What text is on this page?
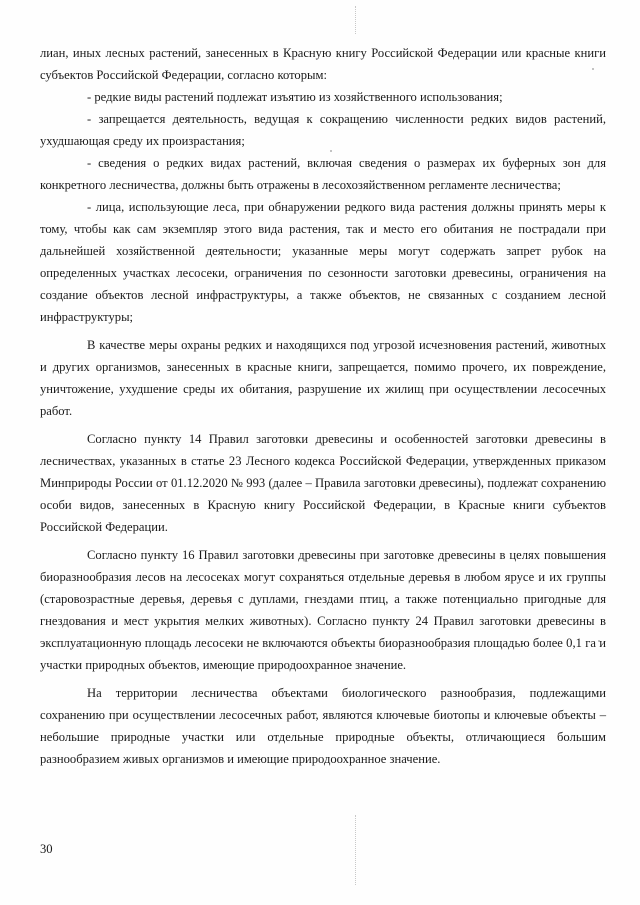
лиан, иных лесных растений, занесенных в Красную книгу Российской Федерации или красные книги субъектов Российской Федерации, согласно которым:

- редкие виды растений подлежат изъятию из хозяйственного использования;

- запрещается деятельность, ведущая к сокращению численности редких видов растений, ухудшающая среду их произрастания;

- сведения о редких видах растений, включая сведения о размерах их буферных зон для конкретного лесничества, должны быть отражены в лесохозяйственном регламенте лесничества;

- лица, использующие леса, при обнаружении редкого вида растения должны принять меры к тому, чтобы как сам экземпляр этого вида растения, так и место его обитания не пострадали при дальнейшей хозяйственной деятельности; указанные меры могут содержать запрет рубок на определенных участках лесосеки, ограничения по сезонности заготовки древесины, ограничения на создание объектов лесной инфраструктуры, а также объектов, не связанных с созданием лесной инфраструктуры;

В качестве меры охраны редких и находящихся под угрозой исчезновения растений, животных и других организмов, занесенных в красные книги, запрещается, помимо прочего, их повреждение, уничтожение, ухудшение среды их обитания, разрушение их жилищ при осуществлении лесосечных работ.

Согласно пункту 14 Правил заготовки древесины и особенностей заготовки древесины в лесничествах, указанных в статье 23 Лесного кодекса Российской Федерации, утвержденных приказом Минприроды России от 01.12.2020 № 993 (далее – Правила заготовки древесины), подлежат сохранению особи видов, занесенных в Красную книгу Российской Федерации, в Красные книги субъектов Российской Федерации.

Согласно пункту 16 Правил заготовки древесины при заготовке древесины в целях повышения биоразнообразия лесов на лесосеках могут сохраняться отдельные деревья в любом ярусе и их группы (старовозрастные деревья, деревья с дуплами, гнездами птиц, а также потенциально пригодные для гнездования и мест укрытия мелких животных). Согласно пункту 24 Правил заготовки древесины в эксплуатационную площадь лесосеки не включаются объекты биоразнообразия площадью более 0,1 га и участки природных объектов, имеющие природоохранное значение.

На территории лесничества объектами биологического разнообразия, подлежащими сохранению при осуществлении лесосечных работ, являются ключевые биотопы и ключевые объекты – небольшие природные участки или отдельные природные объекты, отличающиеся большим разнообразием живых организмов и имеющие природоохранное значение.

30
